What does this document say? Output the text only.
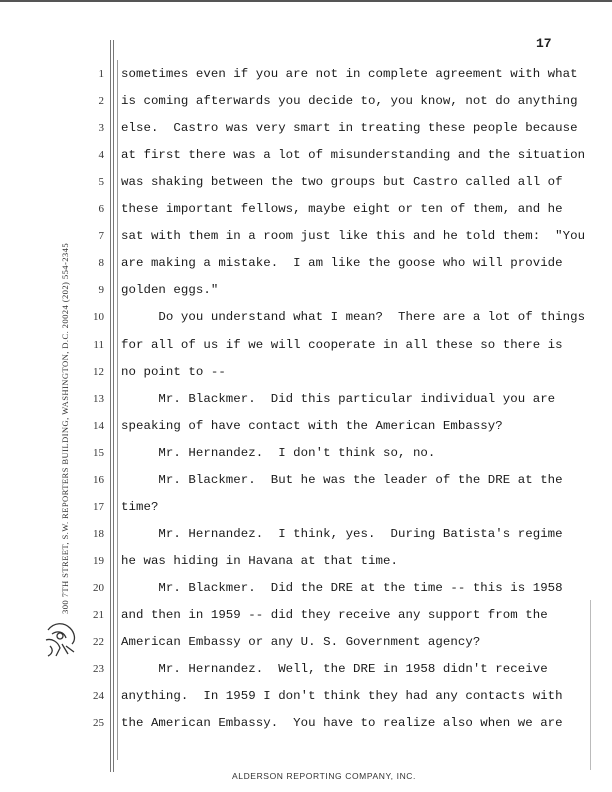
17
300 7TH STREET, S.W. REPORTERS BUILDING, WASHINGTON, D.C. 20024 (202) 554-2345
1 sometimes even if you are not in complete agreement with what
2 is coming afterwards you decide to, you know, not do anything
3 else.  Castro was very smart in treating these people because
4 at first there was a lot of misunderstanding and the situation
5 was shaking between the two groups but Castro called all of
6 these important fellows, maybe eight or ten of them, and he
7 sat with them in a room just like this and he told them:  "You
8 are making a mistake.  I am like the goose who will provide
9 golden eggs."
10 Do you understand what I mean?  There are a lot of things
11 for all of us if we will cooperate in all these so there is
12 no point to --
13 Mr. Blackmer.  Did this particular individual you are
14 speaking of have contact with the American Embassy?
15 Mr. Hernandez.  I don't think so, no.
16 Mr. Blackmer.  But he was the leader of the DRE at the
17 time?
18 Mr. Hernandez.  I think, yes.  During Batista's regime
19 he was hiding in Havana at that time.
20 Mr. Blackmer.  Did the DRE at the time -- this is 1958
21 and then in 1959 -- did they receive any support from the
22 American Embassy or any U. S. Government agency?
23 Mr. Hernandez.  Well, the DRE in 1958 didn't receive
24 anything.  In 1959 I don't think they had any contacts with
25 the American Embassy.  You have to realize also when we are
ALDERSON REPORTING COMPANY, INC.
